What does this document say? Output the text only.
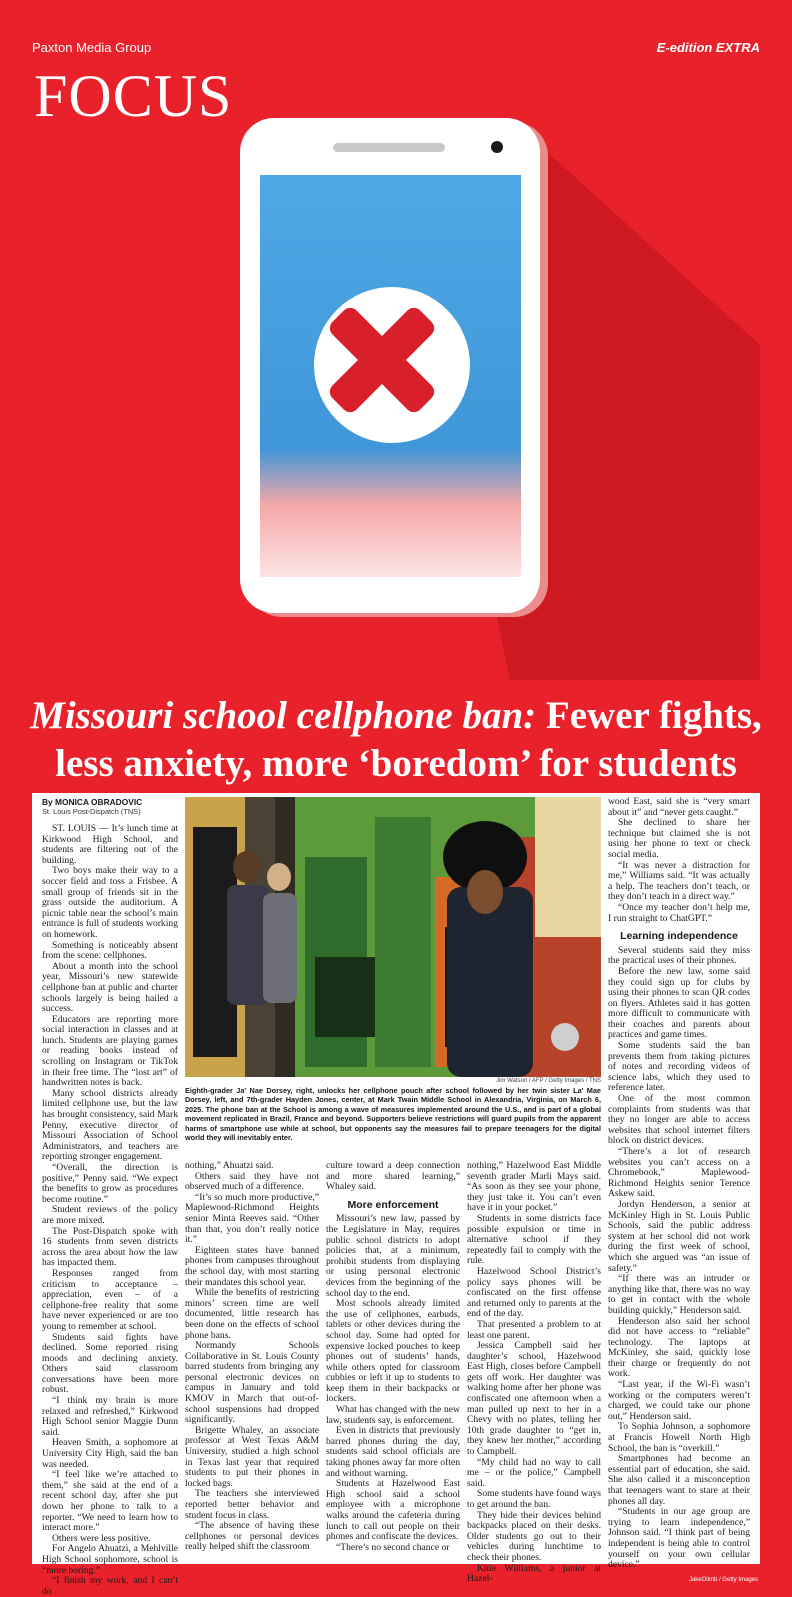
Paxton Media Group	E-edition EXTRA
FOCUS
Missouri school cellphone ban: Fewer fights,
less anxiety, more ‘boredom’ for students

By MONICA OBRADOVIC

St. Louis Post-Dispatch (TNS)

ST. LOUIS — It’s lunch time at Kirkwood High School, and students are filtering out of the building.

Two boys make their way to a soccer field and toss a Frisbee. A small group of friends sit in the grass outside the auditorium. A picnic table near the school’s main entrance is full of students working on homework.

Something is noticeably absent from the scene: cellphones.

About a month into the school year, Missouri’s new statewide cellphone ban at public and charter schools largely is being hailed a success.

Educators are reporting more social interaction in classes and at lunch. Students are playing games or reading books instead of scrolling on Instagram or TikTok in their free time. The “lost art” of handwritten notes is back.

Many school districts already limited cellphone use, but the law has brought consistency, said Mark Penny, executive director of Missouri Association of School Administrators, and teachers are reporting stronger engagement.

“Overall, the direction is positive,” Penny said. “We expect the benefits to grow as procedures become routine.”

Student reviews of the policy are more mixed.

The Post-Dispatch spoke with 16 students from seven districts across the area about how the law has impacted them.

Responses ranged from criticism to acceptance – appreciation, even – of a cellphone-free reality that some have never experienced or are too young to remember at school.

Students said fights have declined. Some reported rising moods and declining anxiety. Others said classroom conversations have been more robust.

“I think my brain is more relaxed and refreshed,” Kirkwood High School senior Maggie Dunn said.

Heaven Smith, a sophomore at University City High, said the ban was needed.

“I feel like we’re attached to them,” she said at the end of a recent school day, after she put down her phone to talk to a reporter. “We need to learn how to interact more.”

Others were less positive.

For Angelo Ahuatzi, a Mehlville High School sophomore, school is “more boring.”

“I finish my work, and I can’t do

Jim Watson / AFP / Getty Images / TNS
Eighth-grader Ja' Nae Dorsey, right, unlocks her cellphone pouch after school followed by her twin sister La' Mae Dorsey, left, and 7th-grader Hayden Jones, center, at Mark Twain Middle School in Alexandria, Virginia, on March 6, 2025. The phone ban at the School is among a wave of measures implemented around the U.S., and is part of a global movement replicated in Brazil, France and beyond. Supporters believe restrictions will guard pupils from the apparent harms of smartphone use while at school, but opponents say the measures fail to prepare teenagers for the digital world they will inevitably enter.

nothing,” Ahuatzi said.

Others said they have not observed much of a difference.

“It’s so much more productive,” Maplewood-Richmond Heights senior Minta Reeves said. “Other than that, you don’t really notice it.”

Eighteen states have banned phones from campuses throughout the school day, with most starting their mandates this school year.

While the benefits of restricting minors’ screen time are well documented, little research has been done on the effects of school phone bans.

Normandy Schools Collaborative in St. Louis County barred students from bringing any personal electronic devices on campus in January and told KMOV in March that out-of-school suspensions had dropped significantly.

Brigette Whaley, an associate professor at West Texas A&M University, studied a high school in Texas last year that required students to put their phones in locked bags.

The teachers she interviewed reported better behavior and student focus in class.

“The absence of having these cellphones or personal devices really helped shift the classroom

culture toward a deep connection and more shared learning,” Whaley said.

More enforcement

Missouri’s new law, passed by the Legislature in May, requires public school districts to adopt policies that, at a minimum, prohibit students from displaying or using personal electronic devices from the beginning of the school day to the end.

Most schools already limited the use of cellphones, earbuds, tablets or other devices during the school day. Some had opted for expensive locked pouches to keep phones out of students’ hands, while others opted for classroom cubbies or left it up to students to keep them in their backpacks or lockers.

What has changed with the new law, students say, is enforcement.

Even in districts that previously barred phones during the day, students said school officials are taking phones away far more often and without warning.

Students at Hazelwood East High school said a school employee with a microphone walks around the cafeteria during lunch to call out people on their phones and confiscate the devices.

“There’s no second chance or

nothing,” Hazelwood East Middle seventh grader Marli Mays said. “As soon as they see your phone, they just take it. You can’t even have it in your pocket.”

Students in some districts face possible expulsion or time in alternative school if they repeatedly fail to comply with the rule.

Hazelwood School District’s policy says phones will be confiscated on the first offense and returned only to parents at the end of the day.

That presented a problem to at least one parent.

Jessica Campbell said her daughter’s school, Hazelwood East High, closes before Campbell gets off work. Her daughter was walking home after her phone was confiscated one afternoon when a man pulled up next to her in a Chevy with no plates, telling her 10th grade daughter to “get in, they knew her mother,” according to Campbell.

“My child had no way to call me – or the police,” Campbell said.

Some students have found ways to get around the ban.

They hide their devices behind backpacks placed on their desks. Older students go out to their vehicles during lunchtime to check their phones.

Kitie Williams, a junior at Hazel-

wood East, said she is “very smart about it” and “never gets caught.”

She declined to share her technique but claimed she is not using her phone to text or check social media.

“It was never a distraction for me,” Williams said. “It was actually a help. The teachers don’t teach, or they don’t teach in a direct way.”

“Once my teacher don’t help me, I run straight to ChatGPT.”

Learning independence

Several students said they miss the practical uses of their phones.

Before the new law, some said they could sign up for clubs by using their phones to scan QR codes on flyers. Athletes said it has gotten more difficult to communicate with their coaches and parents about practices and game times.

Some students said the ban prevents them from taking pictures of notes and recording videos of science labs, which they used to reference later.

One of the most common complaints from students was that they no longer are able to access websites that school internet filters block on district devices.

“There’s a lot of research websites you can’t access on a Chromebook,” Maplewood-Richmond Heights senior Terence Askew said.

Jordyn Henderson, a senior at McKinley High in St. Louis Public Schools, said the public address system at her school did not work during the first week of school, which she argued was “an issue of safety.”

“If there was an intruder or anything like that, there was no way to get in contact with the whole building quickly,” Henderson said.

Henderson also said her school did not have access to “reliable” technology. The laptops at McKinley, she said, quickly lose their charge or frequently do not work.

“Last year, if the Wi-Fi wasn’t working or the computers weren’t charged, we could take our phone out,” Henderson said.

To Sophia Johnson, a sophomore at Francis Howell North High School, the ban is “overkill.”

Smartphones had become an essential part of education, she said. She also called it a misconception that teenagers want to stare at their phones all day.

“Students in our age group are trying to learn independence,” Johnson said. “I think part of being independent is being able to control yourself on your own cellular device.”

JakeOlimb / Getty Images
